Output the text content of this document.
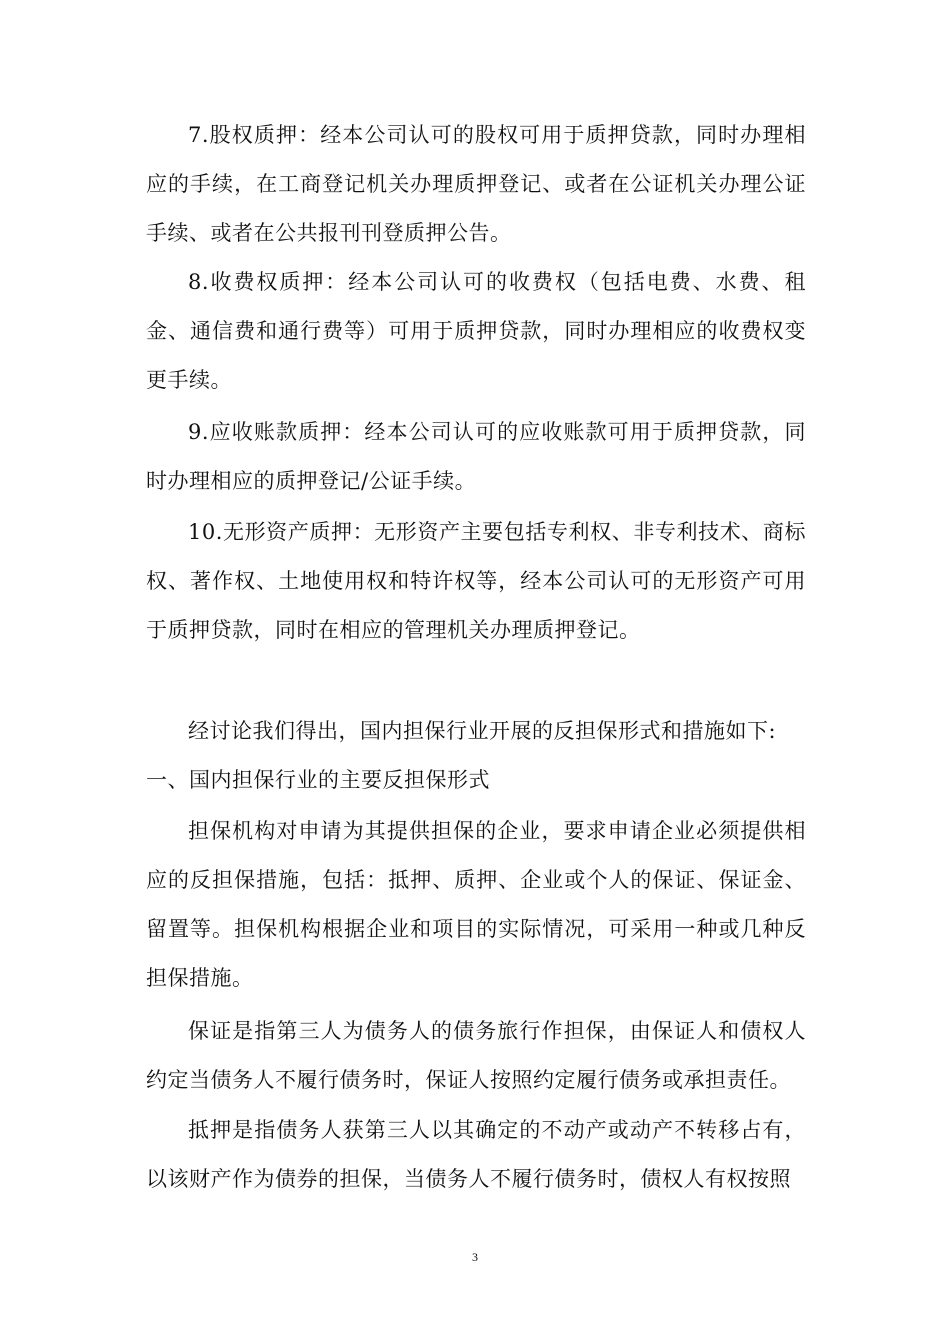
7.股权质押：经本公司认可的股权可用于质押贷款，同时办理相应的手续，在工商登记机关办理质押登记、或者在公证机关办理公证手续、或者在公共报刊刊登质押公告。

8.收费权质押：经本公司认可的收费权（包括电费、水费、租金、通信费和通行费等）可用于质押贷款，同时办理相应的收费权变更手续。

9.应收账款质押：经本公司认可的应收账款可用于质押贷款，同时办理相应的质押登记/公证手续。

10.无形资产质押：无形资产主要包括专利权、非专利技术、商标权、著作权、土地使用权和特许权等，经本公司认可的无形资产可用于质押贷款，同时在相应的管理机关办理质押登记。

经讨论我们得出，国内担保行业开展的反担保形式和措施如下:

一、国内担保行业的主要反担保形式

担保机构对申请为其提供担保的企业，要求申请企业必须提供相应的反担保措施，包括：抵押、质押、企业或个人的保证、保证金、留置等。担保机构根据企业和项目的实际情况，可采用一种或几种反担保措施。

保证是指第三人为债务人的债务旅行作担保，由保证人和债权人约定当债务人不履行债务时，保证人按照约定履行债务或承担责任。

抵押是指债务人获第三人以其确定的不动产或动产不转移占有，以该财产作为债券的担保，当债务人不履行债务时，债权人有权按照

3
